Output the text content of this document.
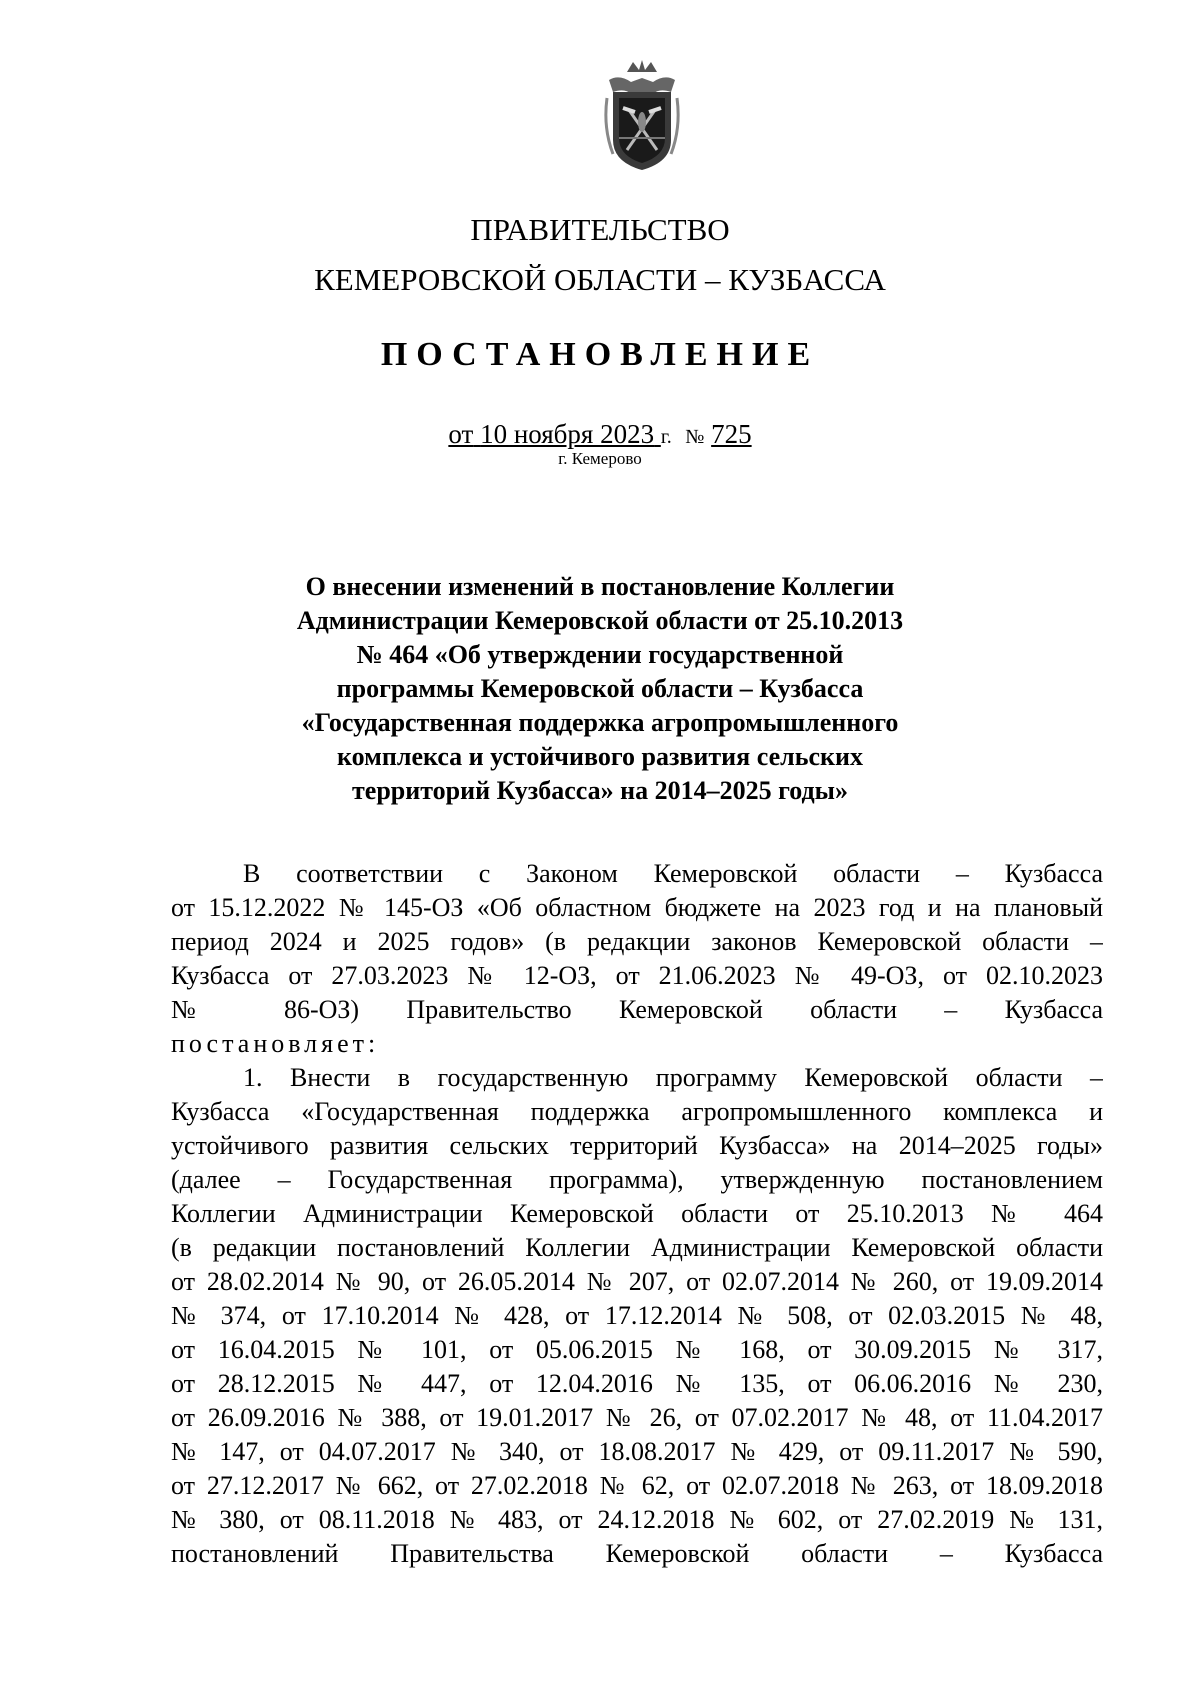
ПРАВИТЕЛЬСТВО
КЕМЕРОВСКОЙ ОБЛАСТИ – КУЗБАССА
ПОСТАНОВЛЕНИЕ
от 10 ноября 2023 г. № 725
г. Кемерово
О внесении изменений в постановление Коллегии
Администрации Кемеровской области от 25.10.2013
№ 464 «Об утверждении государственной
программы Кемеровской области – Кузбасса
«Государственная поддержка агропромышленного
комплекса и устойчивого развития сельских
территорий Кузбасса» на 2014–2025 годы»
В соответствии с Законом Кемеровской области – Кузбасса
от 15.12.2022 № 145-ОЗ «Об областном бюджете на 2023 год и на плановый
период 2024 и 2025 годов» (в редакции законов Кемеровской области –
Кузбасса от 27.03.2023 № 12-ОЗ, от 21.06.2023 № 49-ОЗ, от 02.10.2023
№ 86-ОЗ) Правительство Кемеровской области – Кузбасса
постановляет:
1. Внести в государственную программу Кемеровской области –
Кузбасса «Государственная поддержка агропромышленного комплекса и
устойчивого развития сельских территорий Кузбасса» на 2014–2025 годы»
(далее – Государственная программа), утвержденную постановлением
Коллегии Администрации Кемеровской области от 25.10.2013 № 464
(в редакции постановлений Коллегии Администрации Кемеровской области
от 28.02.2014 № 90, от 26.05.2014 № 207, от 02.07.2014 № 260, от 19.09.2014
№ 374, от 17.10.2014 № 428, от 17.12.2014 № 508, от 02.03.2015 № 48,
от 16.04.2015 № 101, от 05.06.2015 № 168, от 30.09.2015 № 317,
от 28.12.2015 № 447, от 12.04.2016 № 135, от 06.06.2016 № 230,
от 26.09.2016 № 388, от 19.01.2017 № 26, от 07.02.2017 № 48, от 11.04.2017
№ 147, от 04.07.2017 № 340, от 18.08.2017 № 429, от 09.11.2017 № 590,
от 27.12.2017 № 662, от 27.02.2018 № 62, от 02.07.2018 № 263, от 18.09.2018
№ 380, от 08.11.2018 № 483, от 24.12.2018 № 602, от 27.02.2019 № 131,
постановлений Правительства Кемеровской области – Кузбасса
